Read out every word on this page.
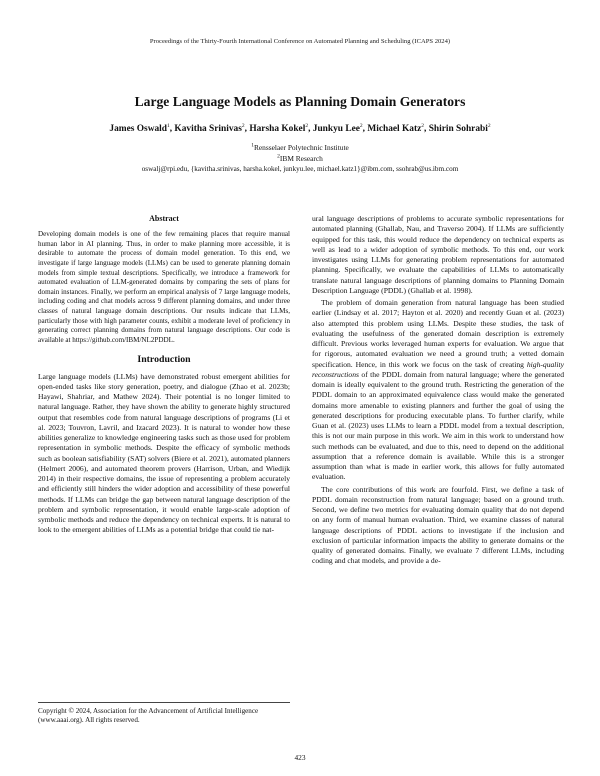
Proceedings of the Thirty-Fourth International Conference on Automated Planning and Scheduling (ICAPS 2024)
Large Language Models as Planning Domain Generators
James Oswald$^1$, Kavitha Srinivas$^2$, Harsha Kokel$^2$, Junkyu Lee$^2$, Michael Katz$^2$, Shirin Sohrabi$^2$
$^1$Rensselaer Polytechnic Institute
$^2$IBM Research
oswalj@rpi.edu, {kavitha.srinivas, harsha.kokel, junkyu.lee, michael.katz1}@ibm.com, ssohrab@us.ibm.com
Abstract

Developing domain models is one of the few remaining places that require manual human labor in AI planning. Thus, in order to make planning more accessible, it is desirable to automate the process of domain model generation. To this end, we investigate if large language models (LLMs) can be used to generate planning domain models from simple textual descriptions. Specifically, we introduce a framework for automated evaluation of LLM-generated domains by comparing the sets of plans for domain instances. Finally, we perform an empirical analysis of 7 large language models, including coding and chat models across 9 different planning domains, and under three classes of natural language domain descriptions. Our results indicate that LLMs, particularly those with high parameter counts, exhibit a moderate level of proficiency in generating correct planning domains from natural language descriptions. Our code is available at https://github.com/IBM/NL2PDDL.

Introduction

Large language models (LLMs) have demonstrated robust emergent abilities for open-ended tasks like story generation, poetry, and dialogue (Zhao et al. 2023b; Hayawi, Shahriar, and Mathew 2024). Their potential is no longer limited to natural language. Rather, they have shown the ability to generate highly structured output that resembles code from natural language descriptions of programs (Li et al. 2023; Touvron, Lavril, and Izacard 2023). It is natural to wonder how these abilities generalize to knowledge engineering tasks such as those used for problem representation in symbolic methods. Despite the efficacy of symbolic methods such as boolean satisfiability (SAT) solvers (Biere et al. 2021), automated planners (Helmert 2006), and automated theorem provers (Harrison, Urban, and Wiedijk 2014) in their respective domains, the issue of representing a problem accurately and efficiently still hinders the wider adoption and accessibility of these powerful methods. If LLMs can bridge the gap between natural language description of the problem and symbolic representation, it would enable large-scale adoption of symbolic methods and reduce the dependency on technical experts. It is natural to look to the emergent abilities of LLMs as a potential bridge that could tie nat-

ural language descriptions of problems to accurate symbolic representations for automated planning (Ghallab, Nau, and Traverso 2004). If LLMs are sufficiently equipped for this task, this would reduce the dependency on technical experts as well as lead to a wider adoption of symbolic methods. To this end, our work investigates using LLMs for generating problem representations for automated planning. Specifically, we evaluate the capabilities of LLMs to automatically translate natural language descriptions of planning domains to Planning Domain Description Language (PDDL) (Ghallab et al. 1998).

The problem of domain generation from natural language has been studied earlier (Lindsay et al. 2017; Hayton et al. 2020) and recently Guan et al. (2023) also attempted this problem using LLMs. Despite these studies, the task of evaluating the usefulness of the generated domain description is extremely difficult. Previous works leveraged human experts for evaluation. We argue that for rigorous, automated evaluation we need a ground truth; a vetted domain specification. Hence, in this work we focus on the task of creating high-quality reconstructions of the PDDL domain from natural language; where the generated domain is ideally equivalent to the ground truth. Restricting the generation of the PDDL domain to an approximated equivalence class would make the generated domains more amenable to existing planners and further the goal of using the generated descriptions for producing executable plans. To further clarify, while Guan et al. (2023) uses LLMs to learn a PDDL model from a textual description, this is not our main purpose in this work. We aim in this work to understand how such methods can be evaluated, and due to this, need to depend on the additional assumption that a reference domain is available. While this is a stronger assumption than what is made in earlier work, this allows for fully automated evaluation.

The core contributions of this work are fourfold. First, we define a task of PDDL domain reconstruction from natural language; based on a ground truth. Second, we define two metrics for evaluating domain quality that do not depend on any form of manual human evaluation. Third, we examine classes of natural language descriptions of PDDL actions to investigate if the inclusion and exclusion of particular information impacts the ability to generate domains or the quality of generated domains. Finally, we evaluate 7 different LLMs, including coding and chat models, and provide a de-

Copyright © 2024, Association for the Advancement of Artificial Intelligence (www.aaai.org). All rights reserved.
423
